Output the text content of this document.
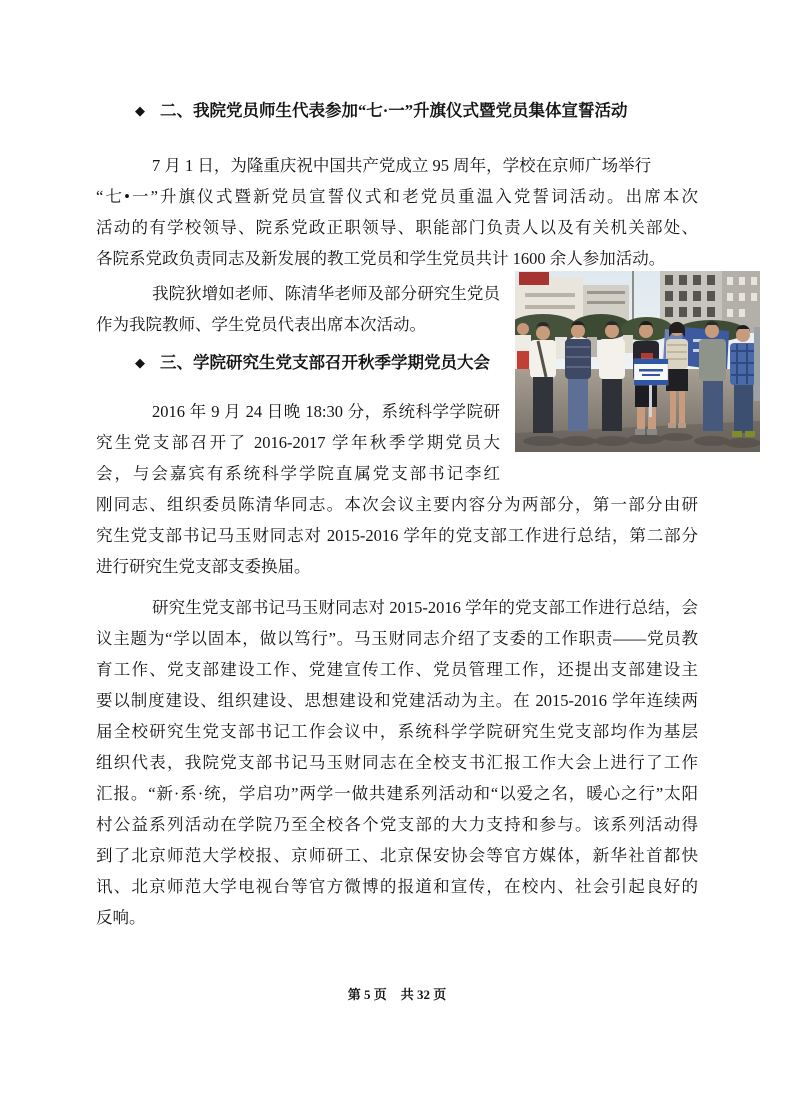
◆ 二、我院党员师生代表参加“七·一”升旗仪式暨党员集体宣誓活动
7 月 1 日，为隆重庆祝中国共产党成立 95 周年，学校在京师广场举行
“七•一”升旗仪式暨新党员宣誓仪式和老党员重温入党誓词活动。出席本次
活动的有学校领导、院系党政正职领导、职能部门负责人以及有关机关部处、
各院系党政负责同志及新发展的教工党员和学生党员共计 1600 余人参加活动。
我院狄增如老师、陈清华老师及部分研究生党员
作为我院教师、学生党员代表出席本次活动。
◆ 三、学院研究生党支部召开秋季学期党员大会
2016 年 9 月 24 日晚 18:30 分，系统科学学院研
究生党支部召开了 2016-2017 学年秋季学期党员大
会，与会嘉宾有系统科学学院直属党支部书记李红
刚同志、组织委员陈清华同志。本次会议主要内容分为两部分，第一部分由研
究生党支部书记马玉财同志对 2015-2016 学年的党支部工作进行总结，第二部分
进行研究生党支部支委换届。
研究生党支部书记马玉财同志对 2015-2016 学年的党支部工作进行总结，会
议主题为“学以固本，做以笃行”。马玉财同志介绍了支委的工作职责——党员教
育工作、党支部建设工作、党建宣传工作、党员管理工作，还提出支部建设主
要以制度建设、组织建设、思想建设和党建活动为主。在 2015-2016 学年连续两
届全校研究生党支部书记工作会议中，系统科学学院研究生党支部均作为基层
组织代表，我院党支部书记马玉财同志在全校支书汇报工作大会上进行了工作
汇报。“新·系·统，学启功”两学一做共建系列活动和“以爱之名，暖心之行”太阳
村公益系列活动在学院乃至全校各个党支部的大力支持和参与。该系列活动得
到了北京师范大学校报、京师研工、北京保安协会等官方媒体，新华社首都快
讯、北京师范大学电视台等官方微博的报道和宣传，在校内、社会引起良好的
反响。
第 5 页 共 32 页
